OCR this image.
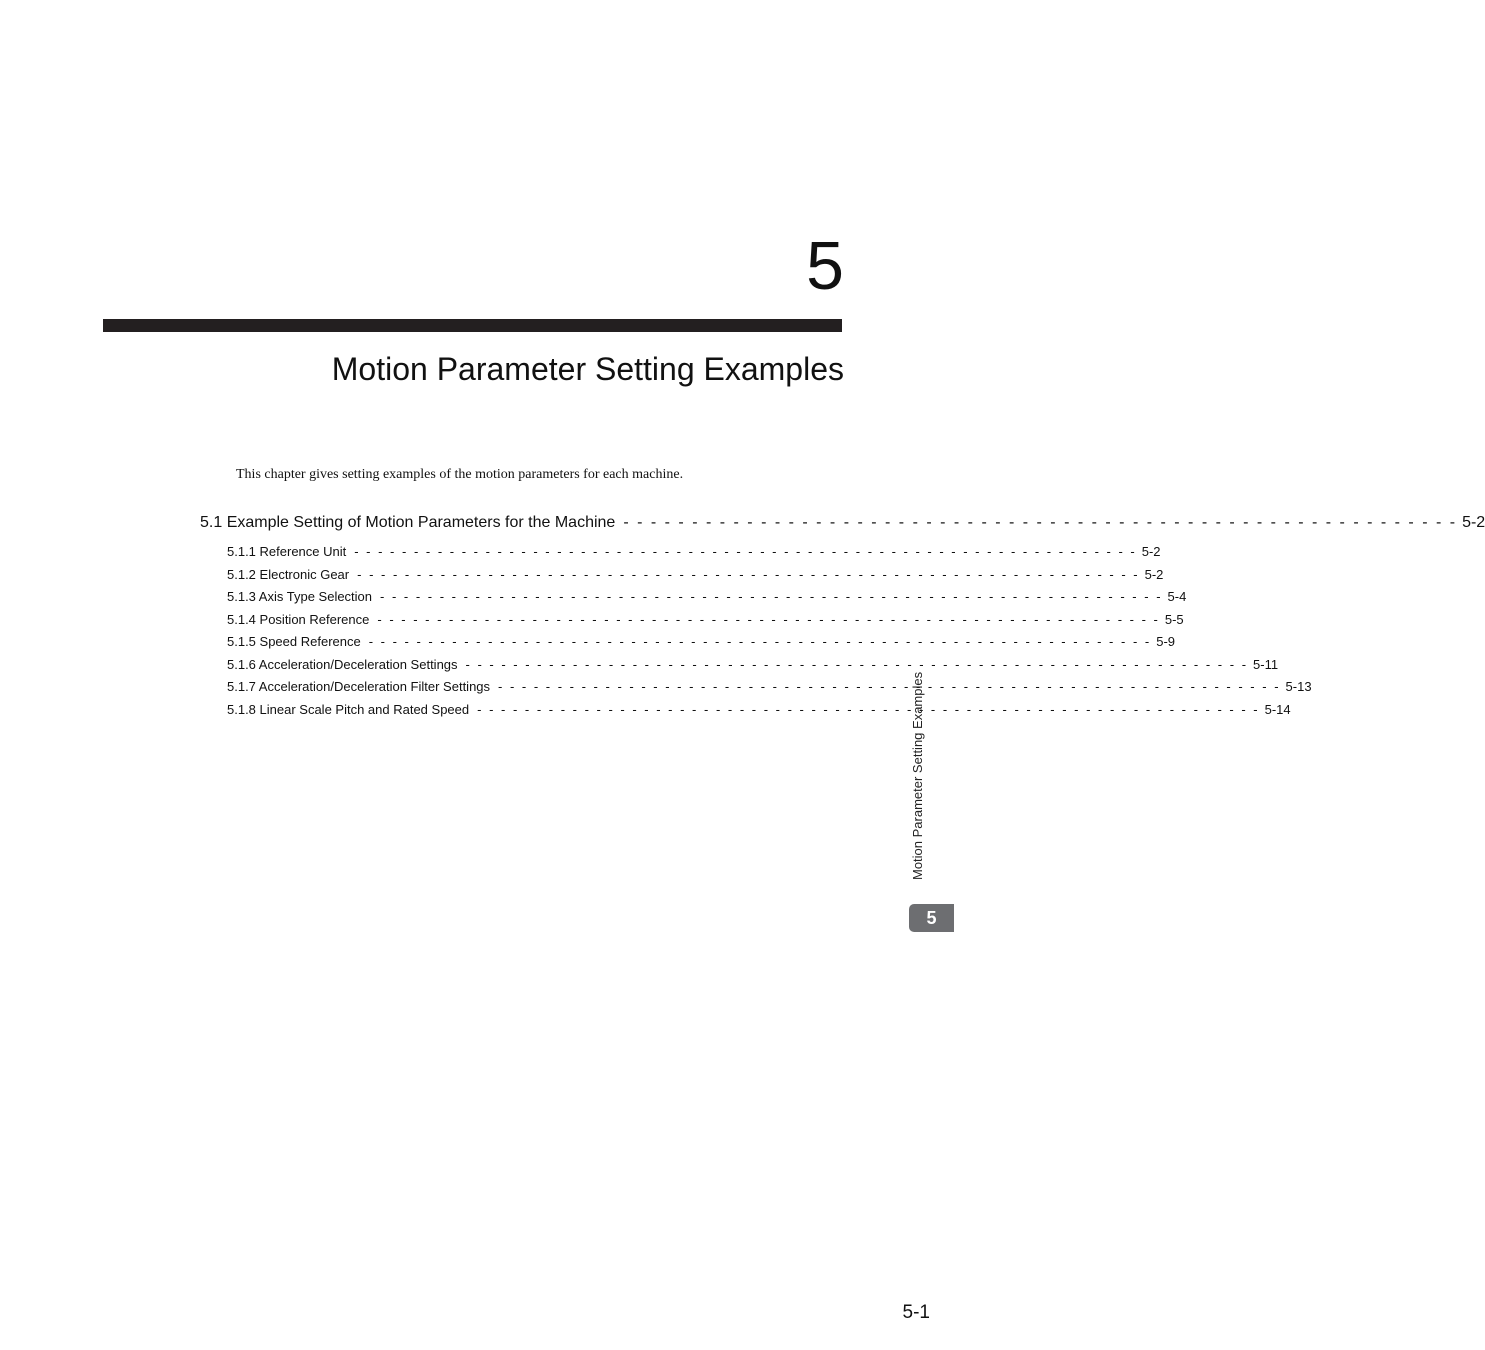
5
Motion Parameter Setting Examples
This chapter gives setting examples of the motion parameters for each machine.
5.1 Example Setting of Motion Parameters for the Machine - - - - - - - - - - - - - - - - - - - - - - - - - - - - - - - - - - - - - - - - - - - - - - - - - - - - - - - - - - - - - 5-2
5.1.1 Reference Unit - - - - - - - - - - - - - - - - - - - - - - - - - - - - - - - - - - - - - - - - - - - - - - - - - - - - - - - - - - - - - - - - - - 5-2
5.1.2 Electronic Gear - - - - - - - - - - - - - - - - - - - - - - - - - - - - - - - - - - - - - - - - - - - - - - - - - - - - - - - - - - - - - - - - - - 5-2
5.1.3 Axis Type Selection - - - - - - - - - - - - - - - - - - - - - - - - - - - - - - - - - - - - - - - - - - - - - - - - - - - - - - - - - - - - - - - - - - 5-4
5.1.4 Position Reference - - - - - - - - - - - - - - - - - - - - - - - - - - - - - - - - - - - - - - - - - - - - - - - - - - - - - - - - - - - - - - - - - - 5-5
5.1.5 Speed Reference - - - - - - - - - - - - - - - - - - - - - - - - - - - - - - - - - - - - - - - - - - - - - - - - - - - - - - - - - - - - - - - - - - 5-9
5.1.6 Acceleration/Deceleration Settings - - - - - - - - - - - - - - - - - - - - - - - - - - - - - - - - - - - - - - - - - - - - - - - - - - - - - - - - - - - - - - - - - - 5-11
5.1.7 Acceleration/Deceleration Filter Settings - - - - - - - - - - - - - - - - - - - - - - - - - - - - - - - - - - - - - - - - - - - - - - - - - - - - - - - - - - - - - - - - - - 5-13
5.1.8 Linear Scale Pitch and Rated Speed - - - - - - - - - - - - - - - - - - - - - - - - - - - - - - - - - - - - - - - - - - - - - - - - - - - - - - - - - - - - - - - - - - 5-14
Motion Parameter Setting Examples
5
5-1
